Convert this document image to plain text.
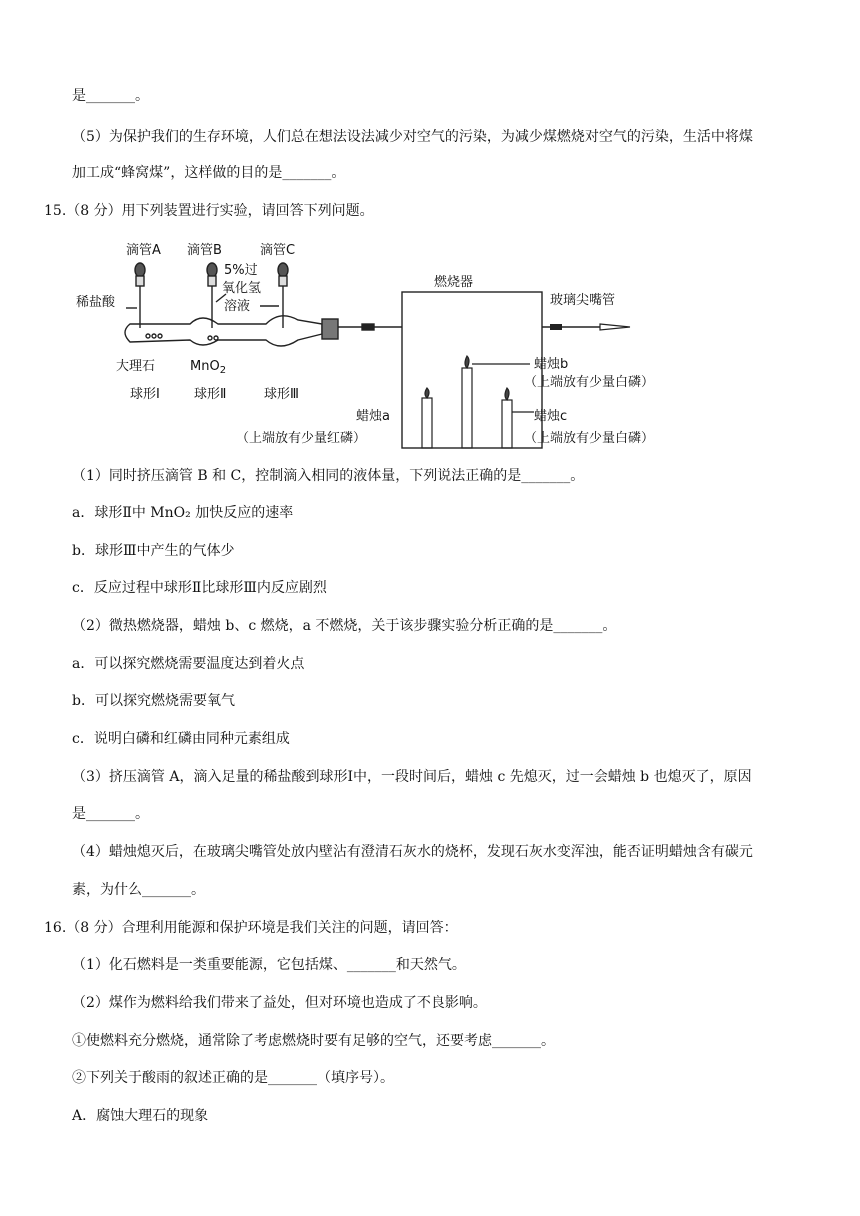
是_______。
（5）为保护我们的生存环境，人们总在想法设法减少对空气的污染，为减少煤燃烧对空气的污染，生活中将煤
加工成“蜂窝煤”，这样做的目的是_______。
15.（8 分）用下列装置进行实验，请回答下列问题。
滴管A 滴管B	滴管C
5%过
氧化氢
溶液
稀盐酸
大理石	MnO$_2$
球形Ⅰ	球形Ⅱ	球形Ⅲ
燃烧器
玻璃尖嘴管
蜡烛b
（上端放有少量白磷）
蜡烛a
（上端放有少量红磷）
蜡烛c
（上端放有少量白磷）
（1）同时挤压滴管 B 和 C，控制滴入相同的液体量，下列说法正确的是_______。
a．球形Ⅱ中 MnO₂ 加快反应的速率
b．球形Ⅲ中产生的气体少
c．反应过程中球形Ⅱ比球形Ⅲ内反应剧烈
（2）微热燃烧器，蜡烛 b、c 燃烧，a 不燃烧，关于该步骤实验分析正确的是_______。
a．可以探究燃烧需要温度达到着火点
b．可以探究燃烧需要氧气
c．说明白磷和红磷由同种元素组成
（3）挤压滴管 A，滴入足量的稀盐酸到球形Ⅰ中，一段时间后，蜡烛 c 先熄灭，过一会蜡烛 b 也熄灭了，原因
是_______。
（4）蜡烛熄灭后，在玻璃尖嘴管处放内壁沾有澄清石灰水的烧杯，发现石灰水变浑浊，能否证明蜡烛含有碳元
素，为什么_______。
16.（8 分）合理利用能源和保护环境是我们关注的问题，请回答：
（1）化石燃料是一类重要能源，它包括煤、_______和天然气。
（2）煤作为燃料给我们带来了益处，但对环境也造成了不良影响。
①使燃料充分燃烧，通常除了考虑燃烧时要有足够的空气，还要考虑_______。
②下列关于酸雨的叙述正确的是_______（填序号）。
A．腐蚀大理石的现象
